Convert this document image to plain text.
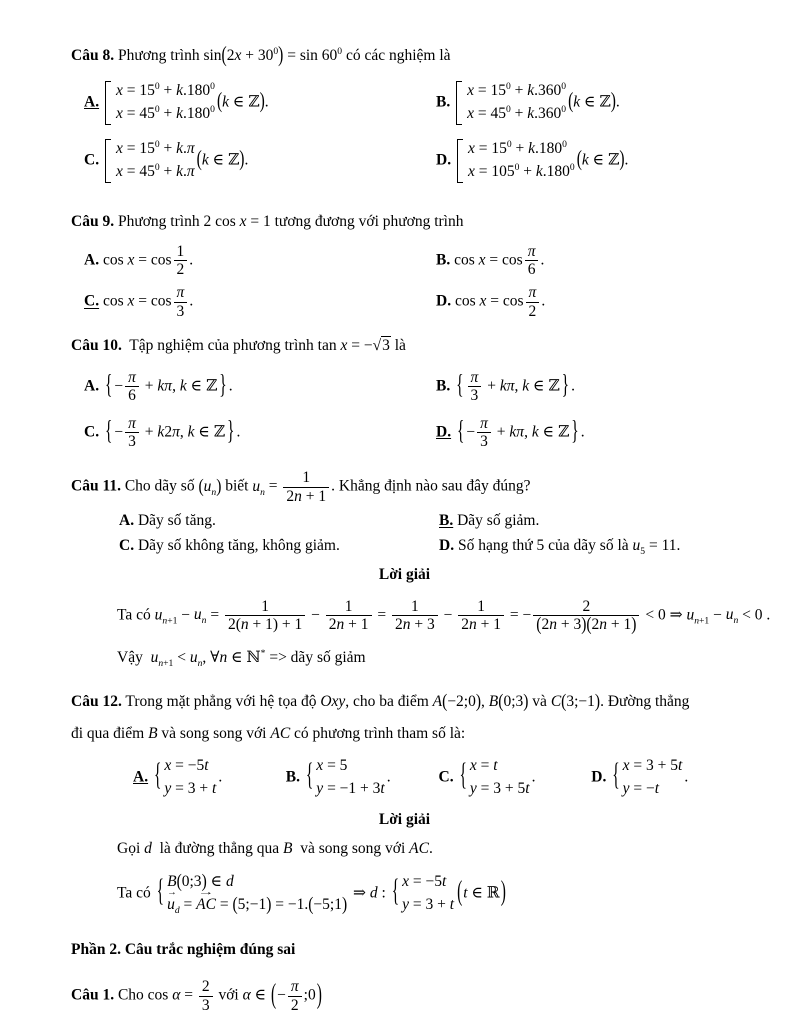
Câu 8. Phương trình $\sin(2x + 30^0) = \sin 60^0$ có các nghiệm là

A.
$x = 15^0 + k.180^0$
$x = 45^0 + k.180^0$ (k ∈ ℤ).	B.
$x = 15^0 + k.360^0$
$x = 45^0 + k.360^0$ (k ∈ ℤ).

C.
$x = 15^0 + k.\pi$
$x = 45^0 + k.\pi$ (k ∈ ℤ).	D.
$x = 15^0 + k.180^0$
$x = 105^0 + k.180^0$ (k ∈ ℤ).

Câu 9. Phương trình 2 cos x = 1 tương đương với phương trình

A. $\cos x = \cos \frac{1}{2}$ .	B. $\cos x = \cos \frac{\pi}{6}$ .

C. $\cos x = \cos \frac{\pi}{3}$ .	D. $\cos x = \cos \frac{\pi}{2}$ .

Câu 10.  Tập nghiệm của phương trình tan x = −√3 là

A. { − $\frac{\pi}{6} + k\pi$, k ∈ ℤ } .	B. { $\frac{\pi}{3} + k\pi$, k ∈ ℤ } .

C. { − $\frac{\pi}{3} + k2\pi$, k ∈ ℤ } .	D. { − $\frac{\pi}{3} + k\pi$, k ∈ ℤ } .

Câu 11. Cho dãy số $(u_n)$ biết $u_n = \frac{1}{2n + 1}$ . Khẳng định nào sau đây đúng?

A. Dãy số tăng.	B. Dãy số giảm.

C. Dãy số không tăng, không giảm.	D. Số hạng thứ 5 của dãy số là $u_5 = 11$.

Lời giải

Ta có $u_{n+1} - u_n = \frac{1}{2(n + 1) + 1} - \frac{1}{2n + 1} = \frac{1}{2n + 3} - \frac{1}{2n + 1}$ = − $\frac{2}{(2n + 3)(2n + 1)} < 0$ ⇒ $u_{n+1} - u_n < 0$ .

Vậy  $u_{n+1} < u_n$, ∀n ∈ ℕ* => dãy số giảm

Câu 12. Trong mặt phẳng với hệ tọa độ Oxy, cho ba điểm A(−2;0), B(0;3) và C(3;−1). Đường thẳng
đi qua điểm B và song song với AC có phương trình tham số là:

A. { x = −5t
y = 3 + t
.	B. { x = 5
y = −1 + 3t
.	C. { x = t
y = 3 + 5t
.	D. { x = 3 + 5t
y = −t
.

Lời giải

Gọi d  là đường thẳng qua B  và song song với AC.

Ta có { B(0;3) ∈ d
→ $u_d$ = → AC = (5;−1) = −1.(−5;1)
⇒ d : { x = −5t
y = 3 + t (t ∈ ℝ)

Phần 2. Câu trắc nghiệm đúng sai

Câu 1. Cho $\cos \alpha = \frac{2}{3}$ với α ∈ (− $\frac{\pi}{2}$ ;0)
